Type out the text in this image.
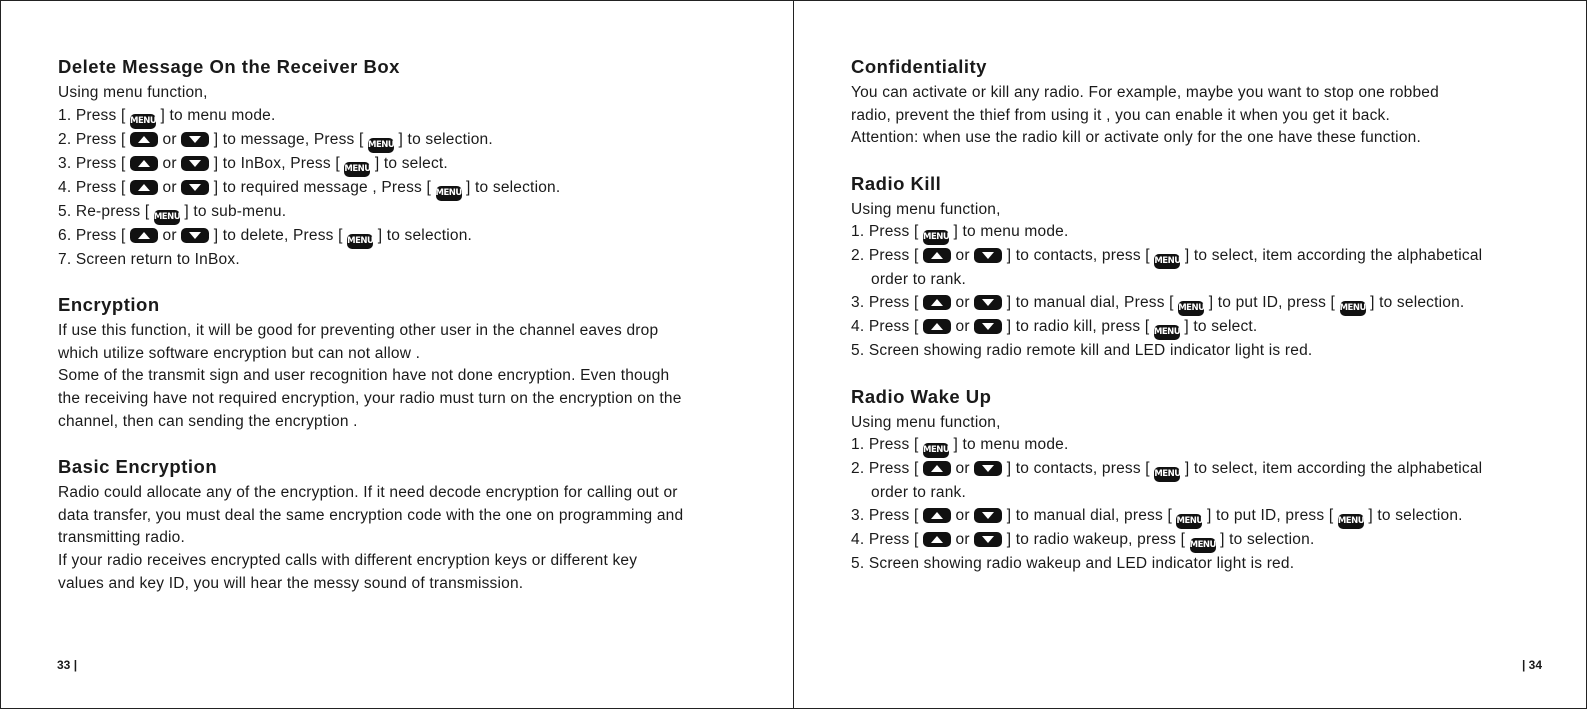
Delete Message On the Receiver Box
Using menu function,
1. Press [ MENU ] to menu mode.
2. Press [ or ] to message, Press [ MENU ] to selection.
3. Press [ or ] to InBox, Press [ MENU ] to select.
4. Press [ or ] to required message , Press [ MENU ] to selection.
5. Re-press [ MENU ] to sub-menu.
6. Press [ or ] to delete, Press [ MENU ] to selection.
7. Screen return to InBox.
Encryption
If use this function, it will be good for preventing other user in the channel eaves drop
which utilize software encryption but can not allow .
Some of the transmit sign and user recognition have not done encryption. Even though
the receiving have not required encryption, your radio must turn on the encryption on the
channel, then can sending the encryption .
Basic Encryption
Radio could allocate any of the encryption. If it need decode encryption for calling out or
data transfer, you must deal the same encryption code with the one on programming and
transmitting radio.
If your radio receives encrypted calls with different encryption keys or different key
values and key ID, you will hear the messy sound of transmission.
Confidentiality
You can activate or kill any radio. For example, maybe you want to stop one robbed
radio, prevent the thief from using it , you can enable it when you get it back.
Attention: when use the radio kill or activate only for the one have these function.
Radio Kill
Using menu function,
1. Press [ MENU ] to menu mode.
2. Press [ or ] to contacts, press [ MENU ] to select, item according the alphabetical
order to rank.
3. Press [ or ] to manual dial, Press [ MENU ] to put ID, press [ MENU ] to selection.
4. Press [ or ] to radio kill, press [ MENU ] to select.
5. Screen showing radio remote kill and LED indicator light is red.
Radio Wake Up
Using menu function,
1. Press [ MENU ] to menu mode.
2. Press [ or ] to contacts, press [ MENU ] to select, item according the alphabetical
order to rank.
3. Press [ or ] to manual dial, press [ MENU ] to put ID, press [ MENU ] to selection.
4. Press [ or ] to radio wakeup, press [ MENU ] to selection.
5. Screen showing radio wakeup and LED indicator light is red.
33 |	| 34
